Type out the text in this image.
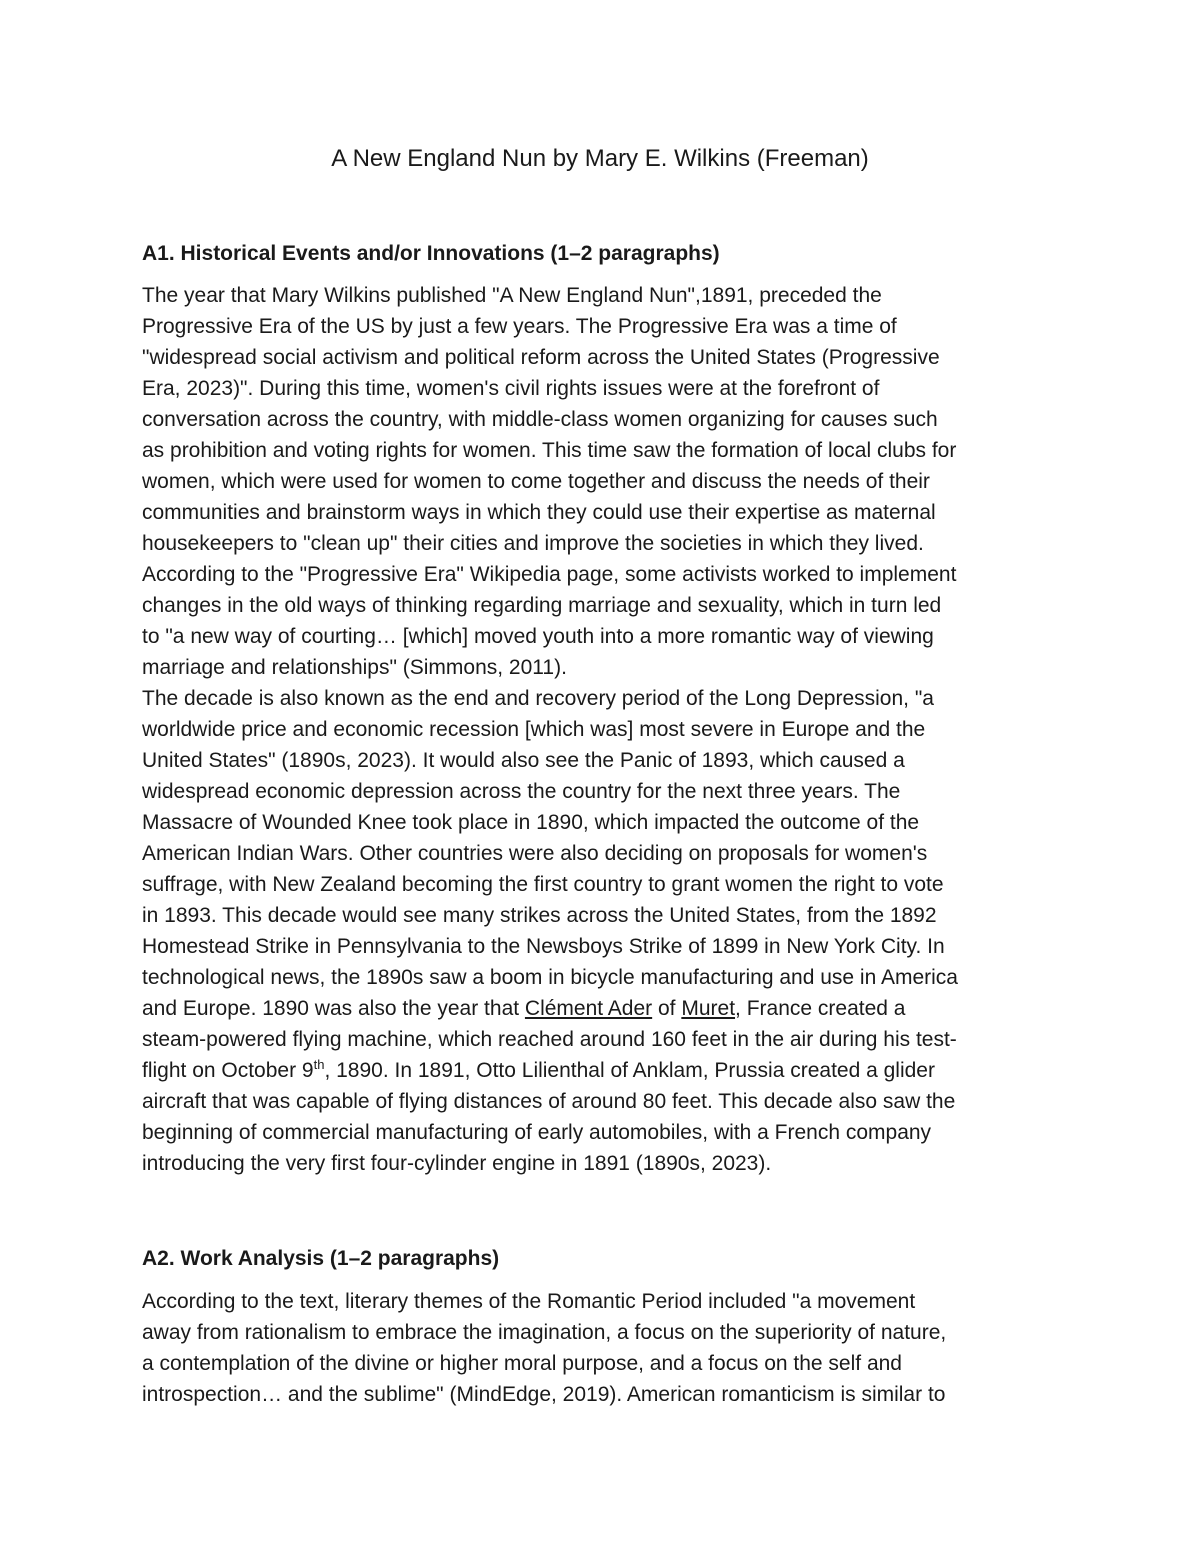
A New England Nun by Mary E. Wilkins (Freeman)
A1. Historical Events and/or Innovations (1–2 paragraphs)
The year that Mary Wilkins published "A New England Nun",1891, preceded the
Progressive Era of the US by just a few years. The Progressive Era was a time of
"widespread social activism and political reform across the United States (Progressive
Era, 2023)". During this time, women's civil rights issues were at the forefront of
conversation across the country, with middle-class women organizing for causes such
as prohibition and voting rights for women. This time saw the formation of local clubs for
women, which were used for women to come together and discuss the needs of their
communities and brainstorm ways in which they could use their expertise as maternal
housekeepers to "clean up" their cities and improve the societies in which they lived.
According to the "Progressive Era" Wikipedia page, some activists worked to implement
changes in the old ways of thinking regarding marriage and sexuality, which in turn led
to "a new way of courting… [which] moved youth into a more romantic way of viewing
marriage and relationships" (Simmons, 2011).
The decade is also known as the end and recovery period of the Long Depression, "a
worldwide price and economic recession [which was] most severe in Europe and the
United States" (1890s, 2023). It would also see the Panic of 1893, which caused a
widespread economic depression across the country for the next three years. The
Massacre of Wounded Knee took place in 1890, which impacted the outcome of the
American Indian Wars. Other countries were also deciding on proposals for women's
suffrage, with New Zealand becoming the first country to grant women the right to vote
in 1893. This decade would see many strikes across the United States, from the 1892
Homestead Strike in Pennsylvania to the Newsboys Strike of 1899 in New York City. In
technological news, the 1890s saw a boom in bicycle manufacturing and use in America
and Europe. 1890 was also the year that Clément Ader of Muret, France created a
steam-powered flying machine, which reached around 160 feet in the air during his test-
flight on October 9th, 1890. In 1891, Otto Lilienthal of Anklam, Prussia created a glider
aircraft that was capable of flying distances of around 80 feet. This decade also saw the
beginning of commercial manufacturing of early automobiles, with a French company
introducing the very first four-cylinder engine in 1891 (1890s, 2023).
A2. Work Analysis (1–2 paragraphs)
According to the text, literary themes of the Romantic Period included "a movement
away from rationalism to embrace the imagination, a focus on the superiority of nature,
a contemplation of the divine or higher moral purpose, and a focus on the self and
introspection… and the sublime" (MindEdge, 2019). American romanticism is similar to
